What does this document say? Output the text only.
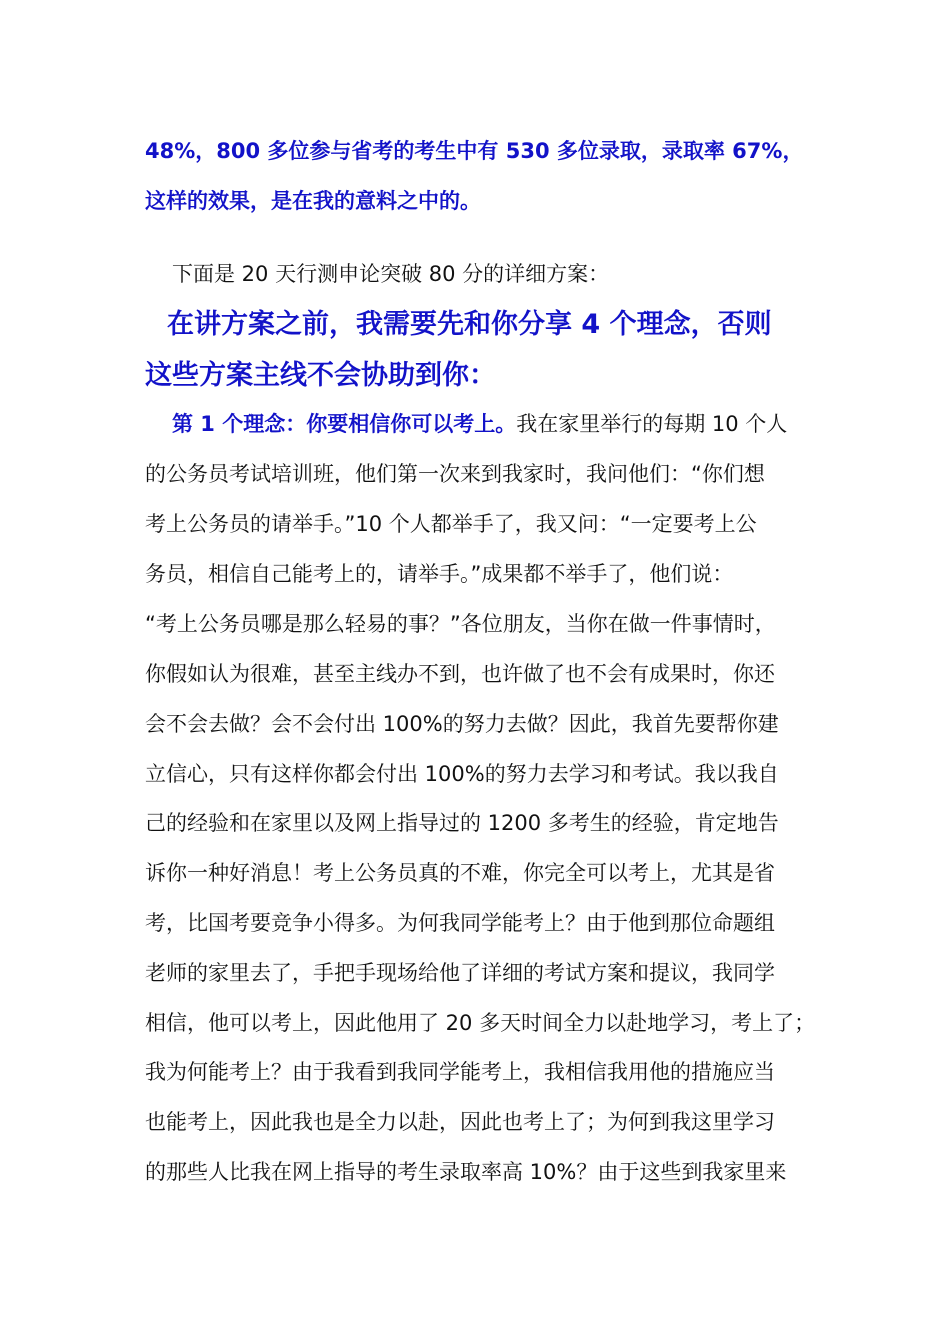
48%，800 多位参与省考的考生中有 530 多位录取，录取率 67%，
这样的效果，是在我的意料之中的。
下面是 20 天行测申论突破 80 分的详细方案：
在讲方案之前，我需要先和你分享 4 个理念，否则
这些方案主线不会协助到你：
第 1 个理念：你要相信你可以考上。我在家里举行的每期 10 个人
的公务员考试培训班，他们第一次来到我家时，我问他们：“你们想
考上公务员的请举手。”10 个人都举手了，我又问：“一定要考上公
务员，相信自己能考上的，请举手。”成果都不举手了，他们说：
“考上公务员哪是那么轻易的事？”各位朋友，当你在做一件事情时，
你假如认为很难，甚至主线办不到，也许做了也不会有成果时，你还
会不会去做？会不会付出 100%的努力去做？因此，我首先要帮你建
立信心，只有这样你都会付出 100%的努力去学习和考试。我以我自
己的经验和在家里以及网上指导过的 1200 多考生的经验，肯定地告
诉你一种好消息！考上公务员真的不难，你完全可以考上，尤其是省
考，比国考要竞争小得多。为何我同学能考上？由于他到那位命题组
老师的家里去了，手把手现场给他了详细的考试方案和提议，我同学
相信，他可以考上，因此他用了 20 多天时间全力以赴地学习，考上了；
我为何能考上？由于我看到我同学能考上，我相信我用他的措施应当
也能考上，因此我也是全力以赴，因此也考上了；为何到我这里学习
的那些人比我在网上指导的考生录取率高 10%？由于这些到我家里来
